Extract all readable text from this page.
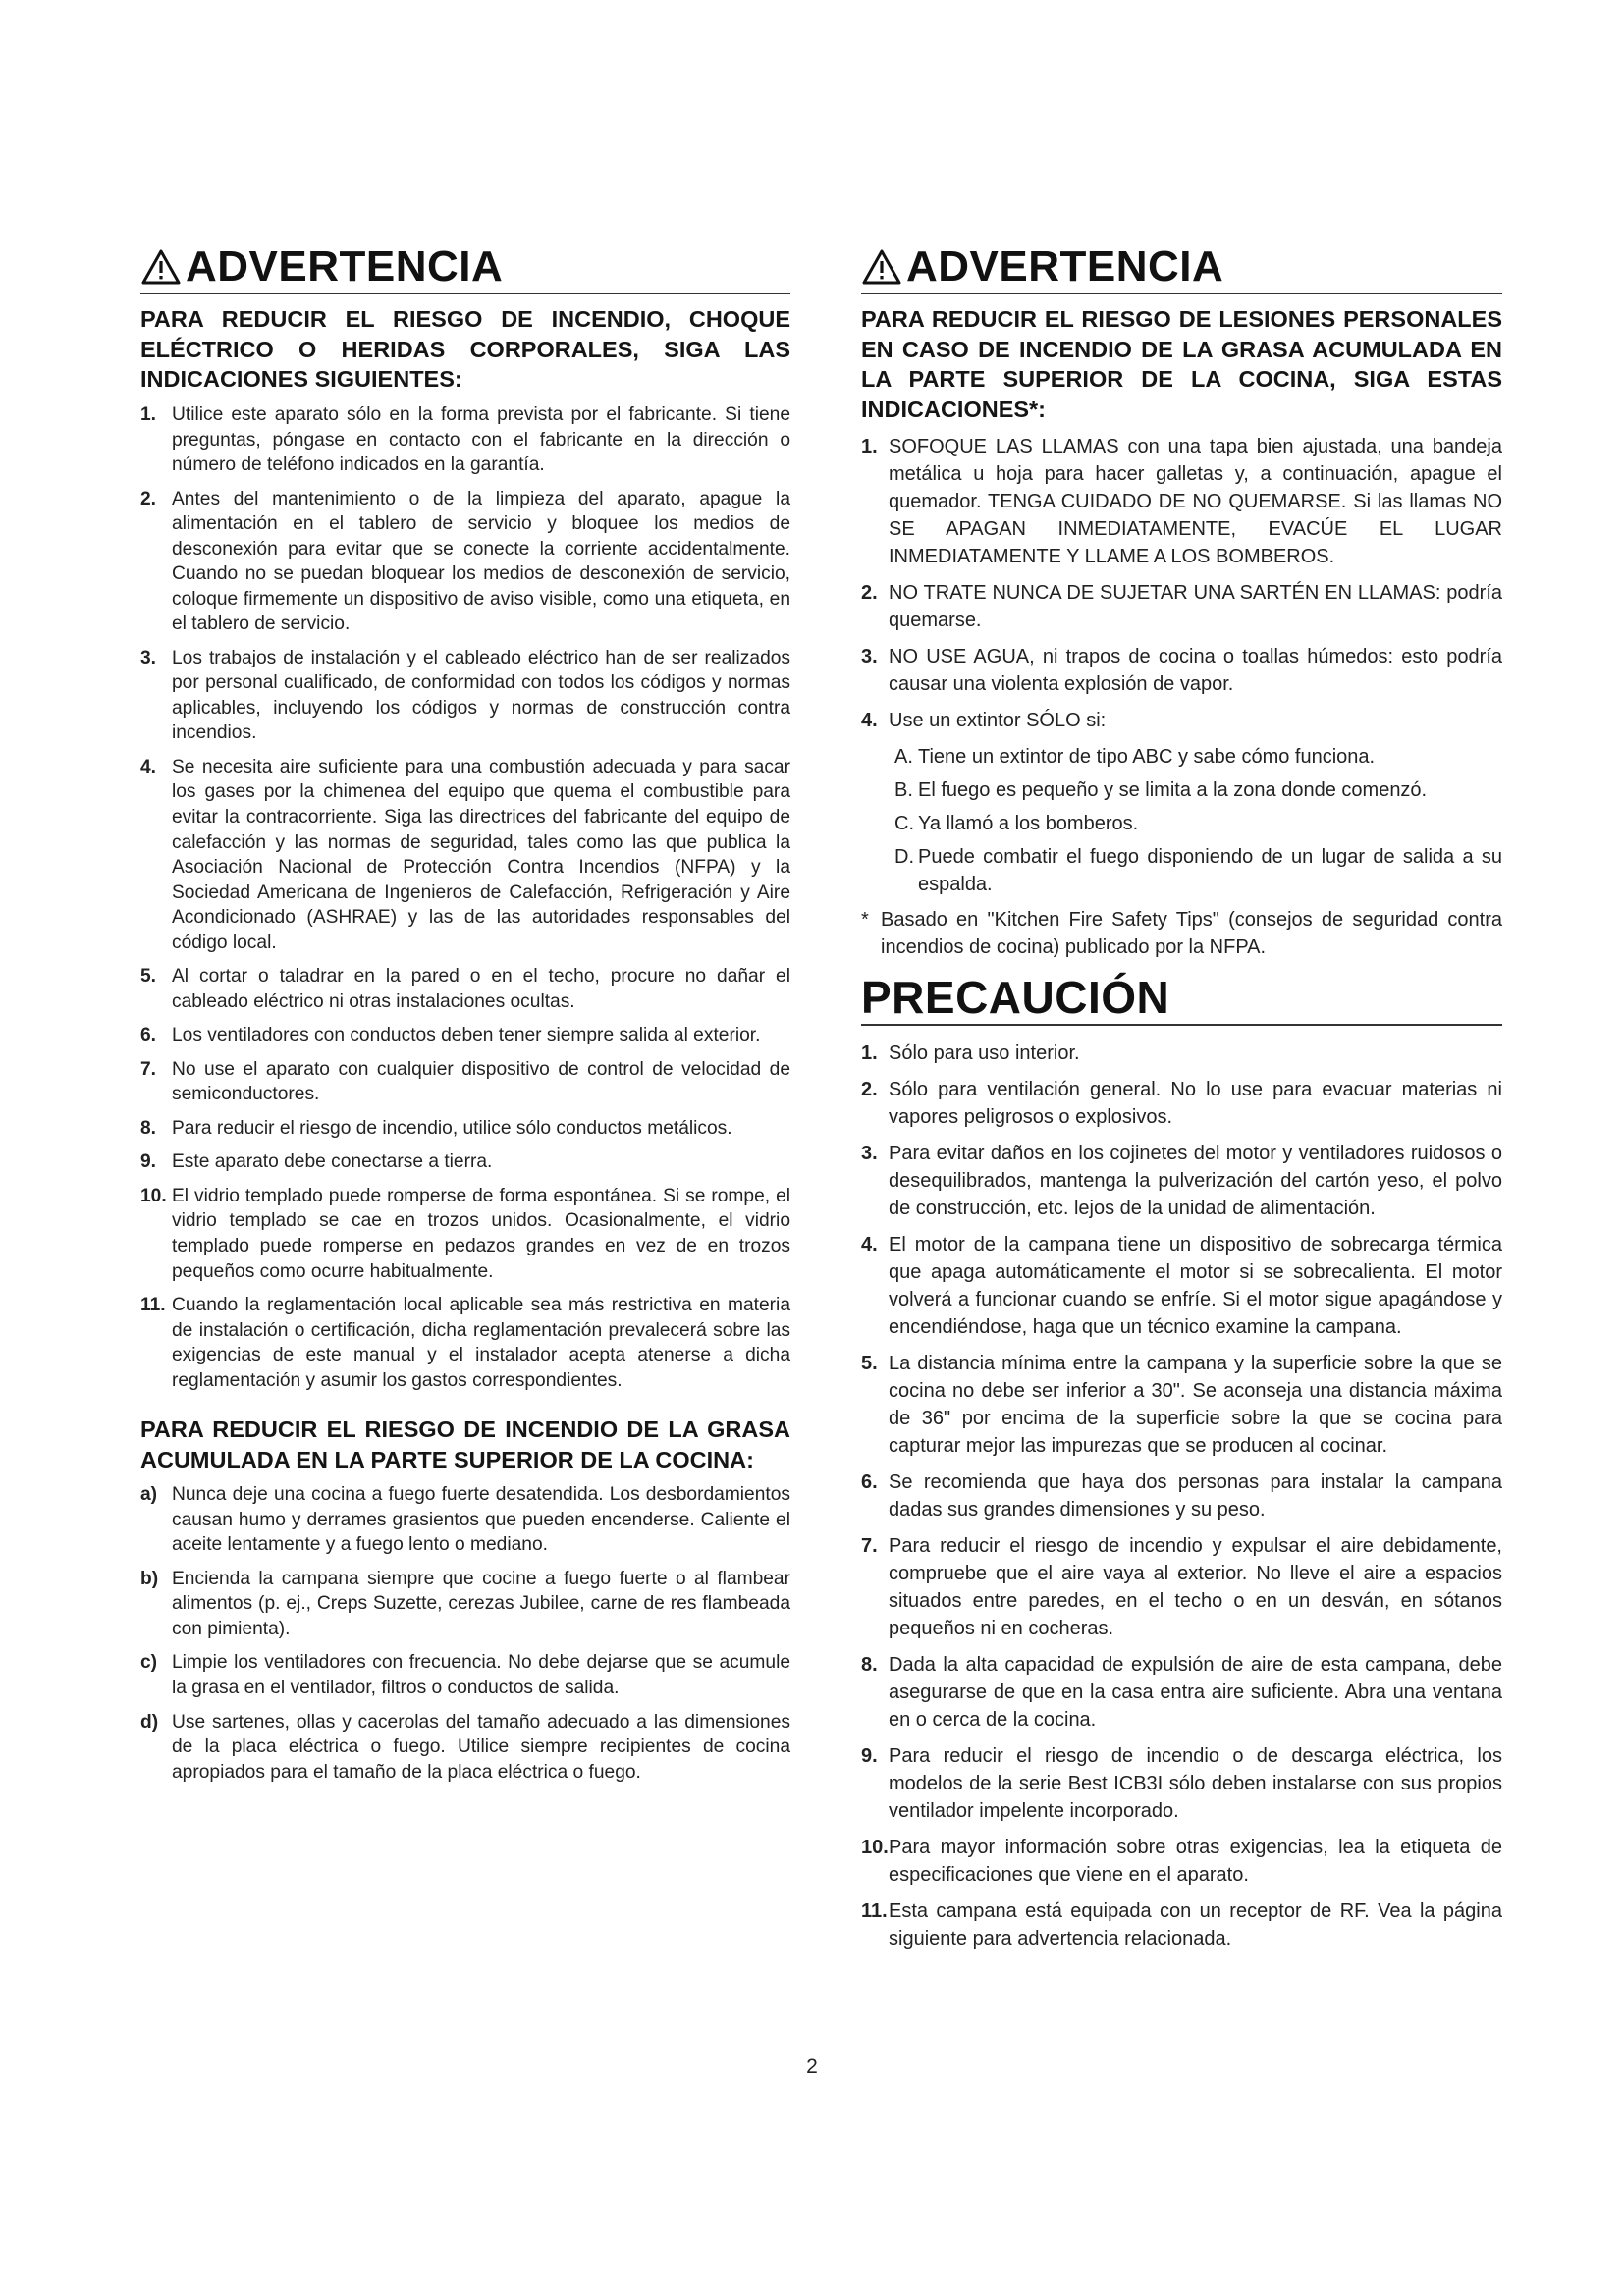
ADVERTENCIA
PARA REDUCIR EL RIESGO DE INCENDIO, CHOQUE ELÉCTRICO O HERIDAS CORPORALES, SIGA LAS INDICACIONES SIGUIENTES:
1. Utilice este aparato sólo en la forma prevista por el fabricante. Si tiene preguntas, póngase en contacto con el fabricante en la dirección o número de teléfono indicados en la garantía.
2. Antes del mantenimiento o de la limpieza del aparato, apague la alimentación en el tablero de servicio y bloquee los medios de desconexión para evitar que se conecte la corriente accidentalmente. Cuando no se puedan bloquear los medios de desconexión de servicio, coloque firmemente un dispositivo de aviso visible, como una etiqueta, en el tablero de servicio.
3. Los trabajos de instalación y el cableado eléctrico han de ser realizados por personal cualificado, de conformidad con todos los códigos y normas aplicables, incluyendo los códigos y normas de construcción contra incendios.
4. Se necesita aire suficiente para una combustión adecuada y para sacar los gases por la chimenea del equipo que quema el combustible para evitar la contracorriente. Siga las directrices del fabricante del equipo de calefacción y las normas de seguridad, tales como las que publica la Asociación Nacional de Protección Contra Incendios (NFPA) y la Sociedad Americana de Ingenieros de Calefacción, Refrigeración y Aire Acondicionado (ASHRAE) y las de las autoridades responsables del código local.
5. Al cortar o taladrar en la pared o en el techo, procure no dañar el cableado eléctrico ni otras instalaciones ocultas.
6. Los ventiladores con conductos deben tener siempre salida al exterior.
7. No use el aparato con cualquier dispositivo de control de velocidad de semiconductores.
8. Para reducir el riesgo de incendio, utilice sólo conductos metálicos.
9. Este aparato debe conectarse a tierra.
10. El vidrio templado puede romperse de forma espontánea. Si se rompe, el vidrio templado se cae en trozos unidos. Ocasionalmente, el vidrio templado puede romperse en pedazos grandes en vez de en trozos pequeños como ocurre habitualmente.
11. Cuando la reglamentación local aplicable sea más restrictiva en materia de instalación o certificación, dicha reglamentación prevalecerá sobre las exigencias de este manual y el instalador acepta atenerse a dicha reglamentación y asumir los gastos correspondientes.
PARA REDUCIR EL RIESGO DE INCENDIO DE LA GRASA ACUMULADA EN LA PARTE SUPERIOR DE LA COCINA:
a) Nunca deje una cocina a fuego fuerte desatendida. Los desbordamientos causan humo y derrames grasientos que pueden encenderse. Caliente el aceite lentamente y a fuego lento o mediano.
b) Encienda la campana siempre que cocine a fuego fuerte o al flambear alimentos (p. ej., Creps Suzette, cerezas Jubilee, carne de res flambeada con pimienta).
c) Limpie los ventiladores con frecuencia. No debe dejarse que se acumule la grasa en el ventilador, filtros o conductos de salida.
d) Use sartenes, ollas y cacerolas del tamaño adecuado a las dimensiones de la placa eléctrica o fuego. Utilice siempre recipientes de cocina apropiados para el tamaño de la placa eléctrica o fuego.
ADVERTENCIA
PARA REDUCIR EL RIESGO DE LESIONES PERSONALES EN CASO DE INCENDIO DE LA GRASA ACUMULADA EN LA PARTE SUPERIOR DE LA COCINA, SIGA ESTAS INDICACIONES*:
1. SOFOQUE LAS LLAMAS con una tapa bien ajustada, una bandeja metálica u hoja para hacer galletas y, a continuación, apague el quemador. TENGA CUIDADO DE NO QUEMARSE. Si las llamas NO SE APAGAN INMEDIATAMENTE, EVACÚE EL LUGAR INMEDIATAMENTE Y LLAME A LOS BOMBEROS.
2. NO TRATE NUNCA DE SUJETAR UNA SARTÉN EN LLAMAS: podría quemarse.
3. NO USE AGUA, ni trapos de cocina o toallas húmedos: esto podría causar una violenta explosión de vapor.
4. Use un extintor SÓLO si:
A. Tiene un extintor de tipo ABC y sabe cómo funciona.
B. El fuego es pequeño y se limita a la zona donde comenzó.
C. Ya llamó a los bomberos.
D. Puede combatir el fuego disponiendo de un lugar de salida a su espalda.
* Basado en "Kitchen Fire Safety Tips" (consejos de seguridad contra incendios de cocina) publicado por la NFPA.
PRECAUCIÓN
1. Sólo para uso interior.
2. Sólo para ventilación general. No lo use para evacuar materias ni vapores peligrosos o explosivos.
3. Para evitar daños en los cojinetes del motor y ventiladores ruidosos o desequilibrados, mantenga la pulverización del cartón yeso, el polvo de construcción, etc. lejos de la unidad de alimentación.
4. El motor de la campana tiene un dispositivo de sobrecarga térmica que apaga automáticamente el motor si se sobrecalienta. El motor volverá a funcionar cuando se enfríe. Si el motor sigue apagándose y encendiéndose, haga que un técnico examine la campana.
5. La distancia mínima entre la campana y la superficie sobre la que se cocina no debe ser inferior a 30". Se aconseja una distancia máxima de 36" por encima de la superficie sobre la que se cocina para capturar mejor las impurezas que se producen al cocinar.
6. Se recomienda que haya dos personas para instalar la campana dadas sus grandes dimensiones y su peso.
7. Para reducir el riesgo de incendio y expulsar el aire debidamente, compruebe que el aire vaya al exterior. No lleve el aire a espacios situados entre paredes, en el techo o en un desván, en sótanos pequeños ni en cocheras.
8. Dada la alta capacidad de expulsión de aire de esta campana, debe asegurarse de que en la casa entra aire suficiente. Abra una ventana en o cerca de la cocina.
9. Para reducir el riesgo de incendio o de descarga eléctrica, los modelos de la serie Best ICB3I sólo deben instalarse con sus propios ventilador impelente incorporado.
10. Para mayor información sobre otras exigencias, lea la etiqueta de especificaciones que viene en el aparato.
11. Esta campana está equipada con un receptor de RF. Vea la página siguiente para advertencia relacionada.
2
